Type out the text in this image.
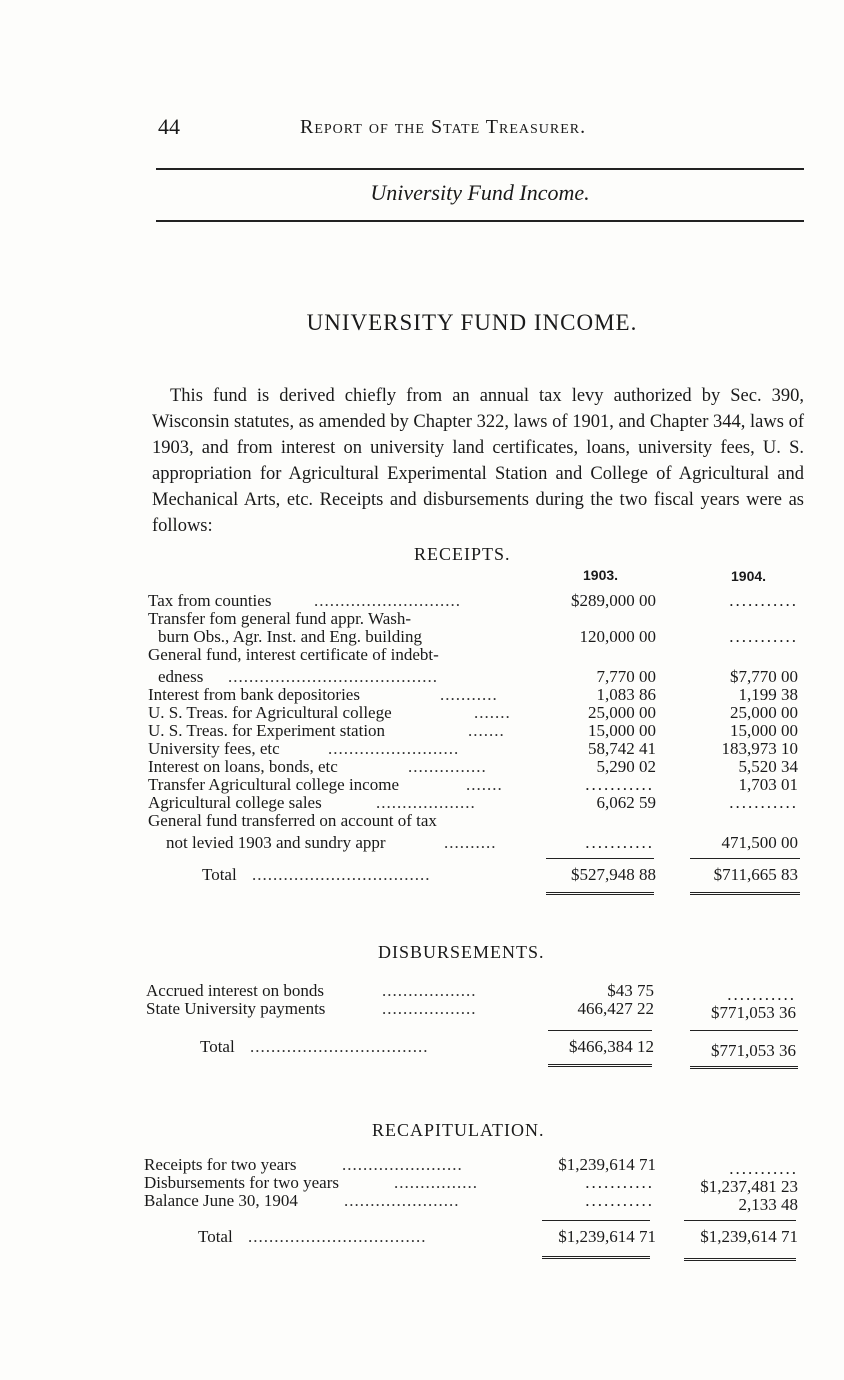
44	Report of the State Treasurer.
University Fund Income.
UNIVERSITY FUND INCOME.

This fund is derived chiefly from an annual tax levy authorized by Sec. 390, Wisconsin statutes, as amended by Chapter 322, laws of 1901, and Chapter 344, laws of 1903, and from interest on university land certificates, loans, university fees, U. S. appropriation for Agricultural Experimental Station and College of Agricultural and Mechanical Arts, etc. Receipts and disbursements during the two fiscal years were as follows:

RECEIPTS.
1903.	1904.
Tax from counties	............................	$289,000 00	...........
Transfer fom general fund appr. Wash-
burn Obs., Agr. Inst. and Eng. building	120,000 00	...........
General fund, interest certificate of indebt-
edness ........................................	7,770 00	$7,770 00
Interest from bank depositories	...........	1,083 86	1,199 38
U. S. Treas. for Agricultural college	.......	25,000 00	25,000 00
U. S. Treas. for Experiment station	.......	15,000 00	15,000 00
University fees, etc	.........................	58,742 41	183,973 10
Interest on loans, bonds, etc	...............	5,290 02	5,520 34
Transfer Agricultural college income	.......	...........	1,703 01
Agricultural college sales	...................	6,062 59	...........
General fund transferred on account of tax
not levied 1903 and sundry appr	..........	...........	471,500 00
Total ..................................	$527,948 88	$711,665 83
DISBURSEMENTS.
Accrued interest on bonds	..................	$43 75	...........
State University payments	..................	466,427 22	$771,053 36
Total ..................................	$466,384 12	$771,053 36
RECAPITULATION.
Receipts for two years	.......................	$1,239,614 71	...........
Disbursements for two years	................	...........	$1,237,481 23
Balance June 30, 1904	......................	...........	2,133 48
Total ..................................	$1,239,614 71	$1,239,614 71
